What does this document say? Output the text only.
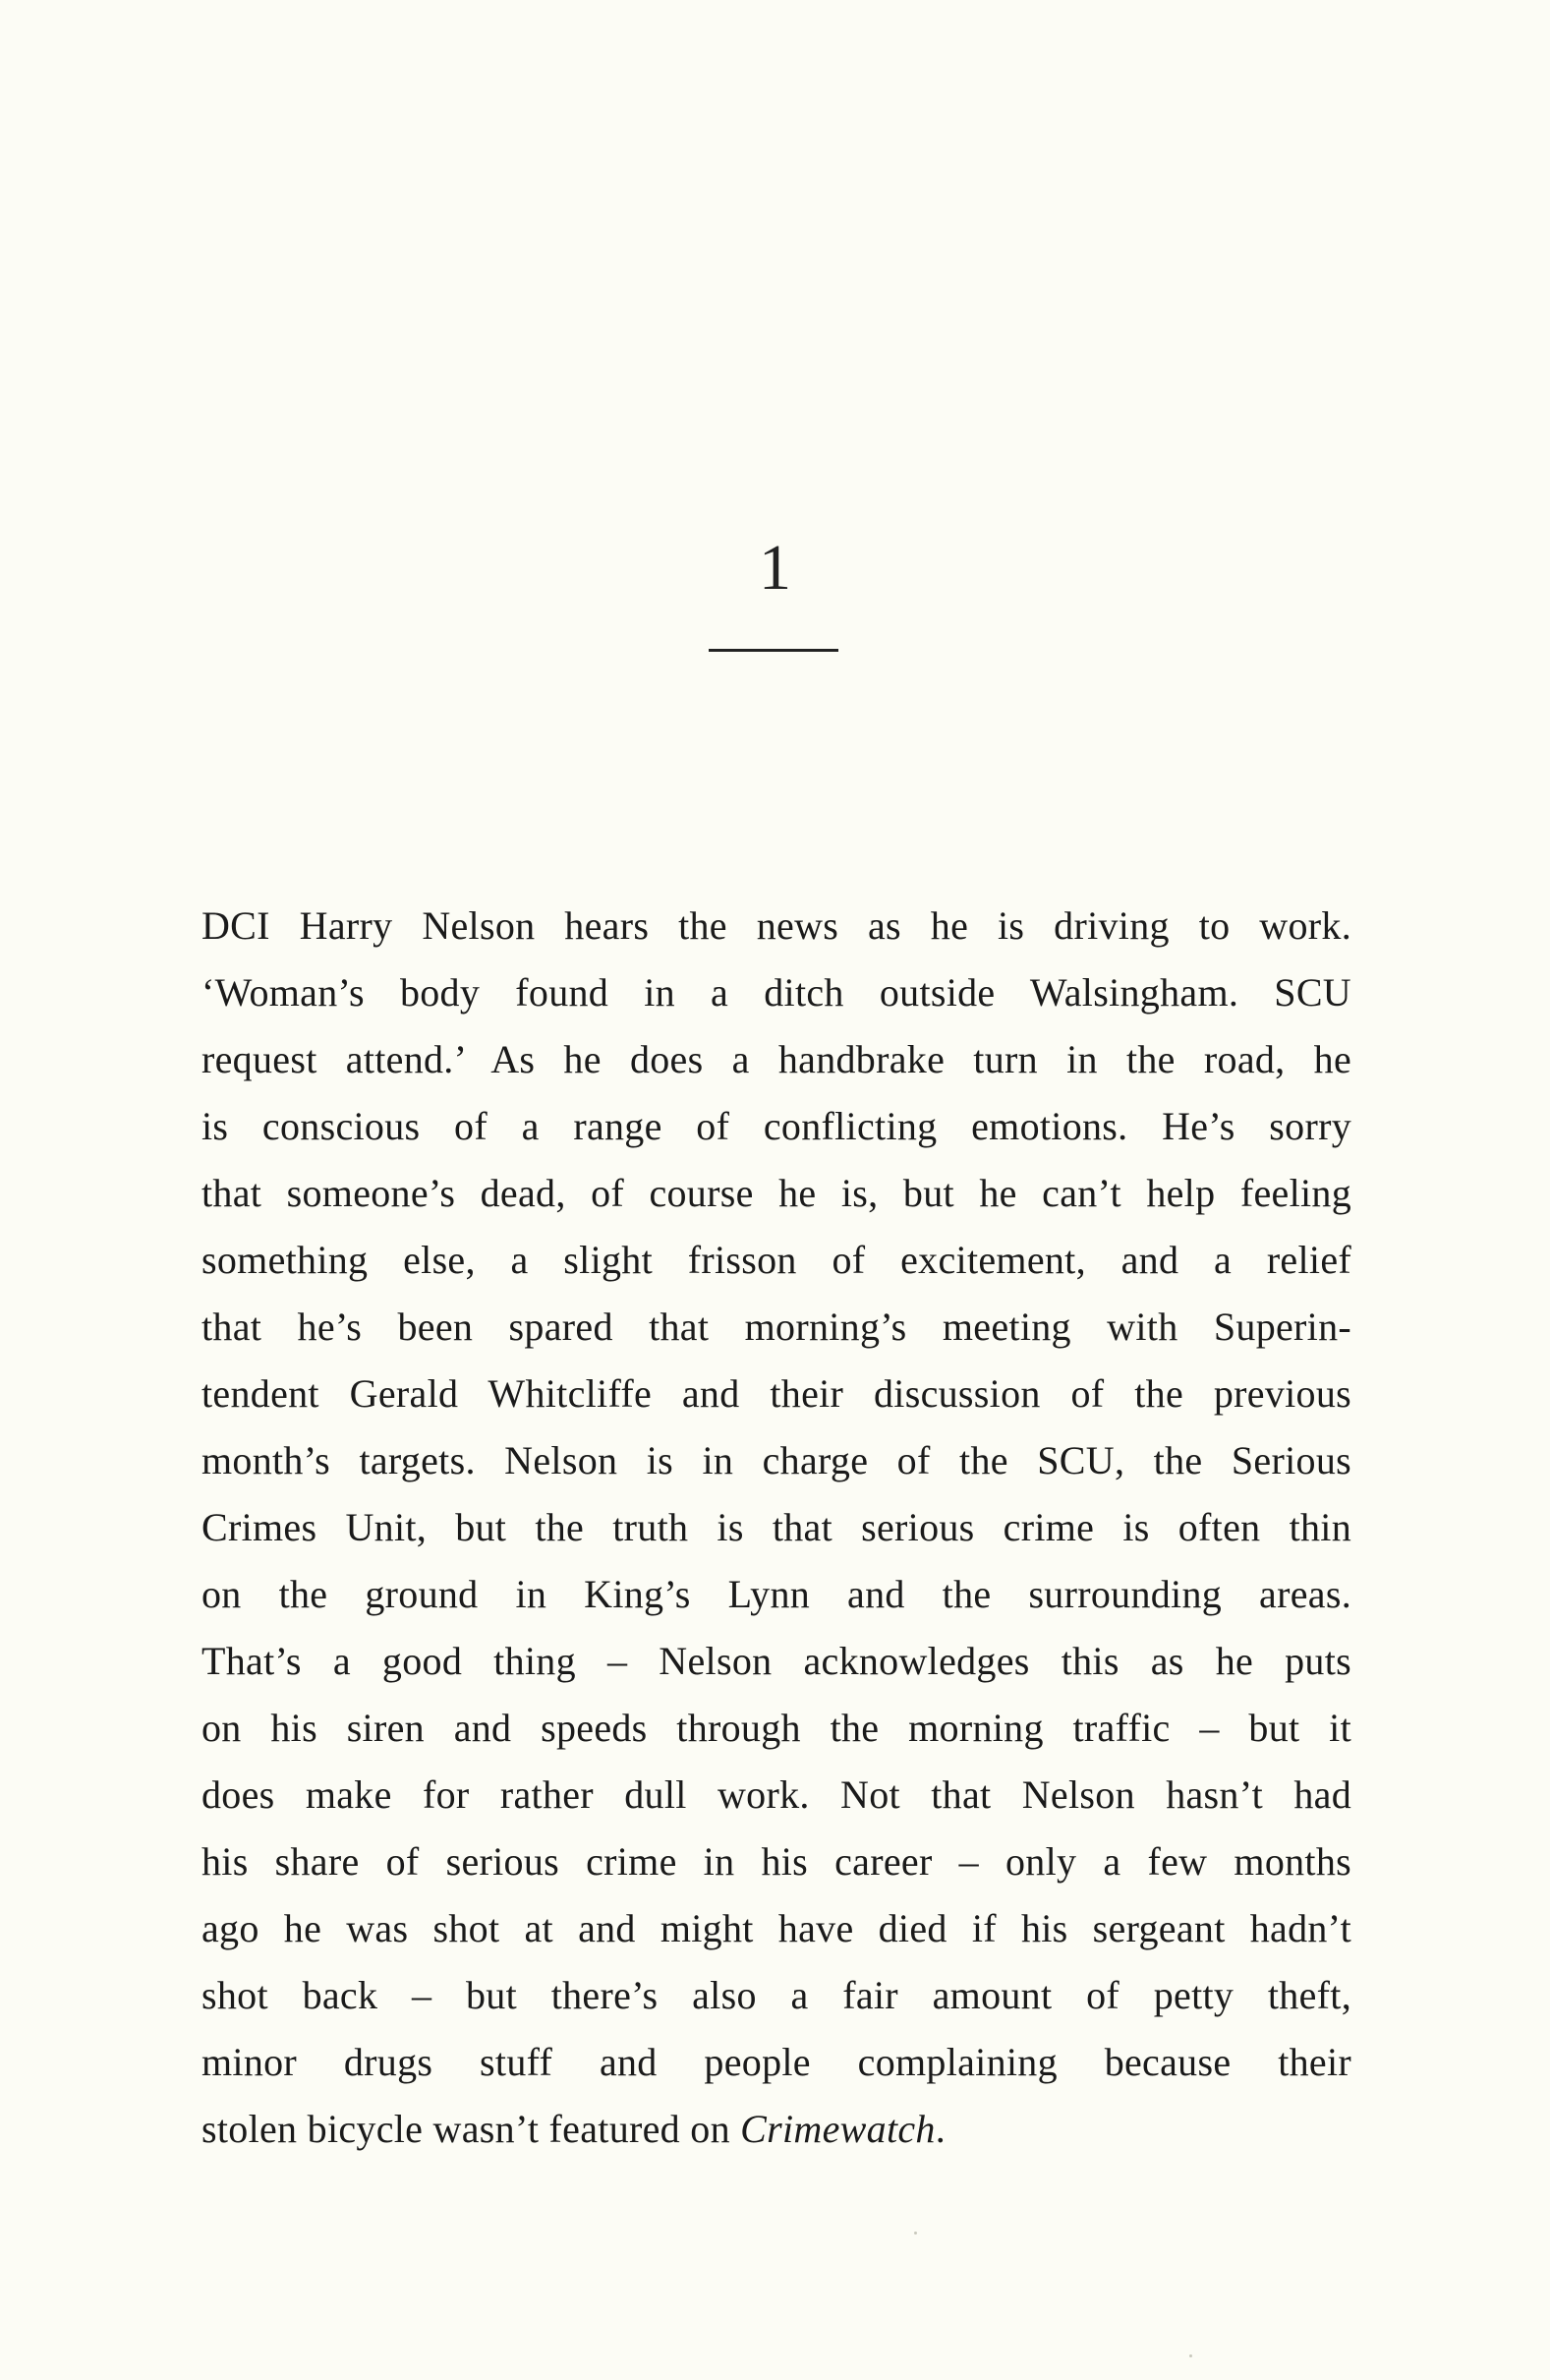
1
DCI Harry Nelson hears the news as he is driving to work.
‘Woman’s body found in a ditch outside Walsingham. SCU
request attend.’ As he does a handbrake turn in the road, he
is conscious of a range of conflicting emotions. He’s sorry
that someone’s dead, of course he is, but he can’t help feeling
something else, a slight frisson of excitement, and a relief
that he’s been spared that morning’s meeting with Superin-
tendent Gerald Whitcliffe and their discussion of the previous
month’s targets. Nelson is in charge of the SCU, the Serious
Crimes Unit, but the truth is that serious crime is often thin
on the ground in King’s Lynn and the surrounding areas.
That’s a good thing – Nelson acknowledges this as he puts
on his siren and speeds through the morning traffic – but it
does make for rather dull work. Not that Nelson hasn’t had
his share of serious crime in his career – only a few months
ago he was shot at and might have died if his sergeant hadn’t
shot back – but there’s also a fair amount of petty theft,
minor drugs stuff and people complaining because their
stolen bicycle wasn’t featured on Crimewatch.
